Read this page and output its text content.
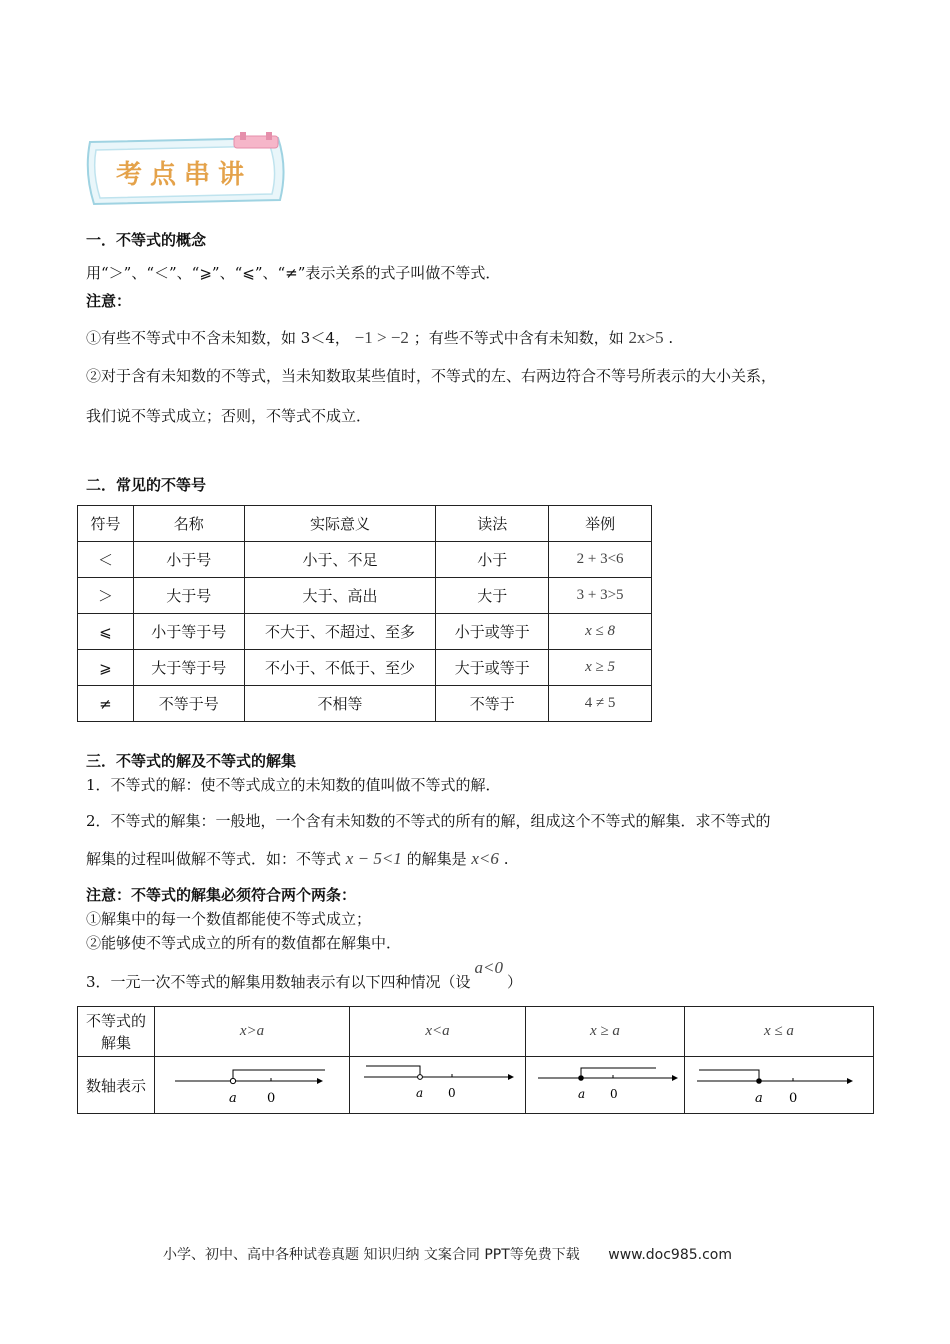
考点串讲
一．不等式的概念
用“＞”、“＜”、“⩾”、“⩽”、“≠”表示关系的式子叫做不等式．
注意：
①有些不等式中不含未知数，如 3＜4， −1 > −2 ；有些不等式中含有未知数，如 2x>5 .
②对于含有未知数的不等式，当未知数取某些值时，不等式的左、右两边符合不等号所表示的大小关系，
我们说不等式成立；否则，不等式不成立．
二．常见的不等号
符号	名称	实际意义	读法	举例
＜	小于号	小于、不足	小于	2 + 3<6
＞	大于号	大于、高出	大于	3 + 3>5
⩽	小于等于号	不大于、不超过、至多	小于或等于	x ≤ 8
⩾	大于等于号	不小于、不低于、至少	大于或等于	x ≥ 5
≠	不等于号	不相等	不等于	4 ≠ 5
三．不等式的解及不等式的解集
1．不等式的解：使不等式成立的未知数的值叫做不等式的解．
2．不等式的解集：一般地，一个含有未知数的不等式的所有的解，组成这个不等式的解集．求不等式的
解集的过程叫做解不等式．如：不等式 x − 5<1 的解集是 x<6 .
注意：不等式的解集必须符合两个两条：
①解集中的每一个数值都能使不等式成立；
②能够使不等式成立的所有的数值都在解集中．
3．一元一次不等式的解集用数轴表示有以下四种情况（设a<0）
不等式的
解集	x>a	x<a	x ≥ a	x ≤ a
数轴表示	a 0	a 0	a 0	a 0
小学、初中、高中各种试卷真题 知识归纳 文案合同 PPT等免费下载 www.doc985.com
